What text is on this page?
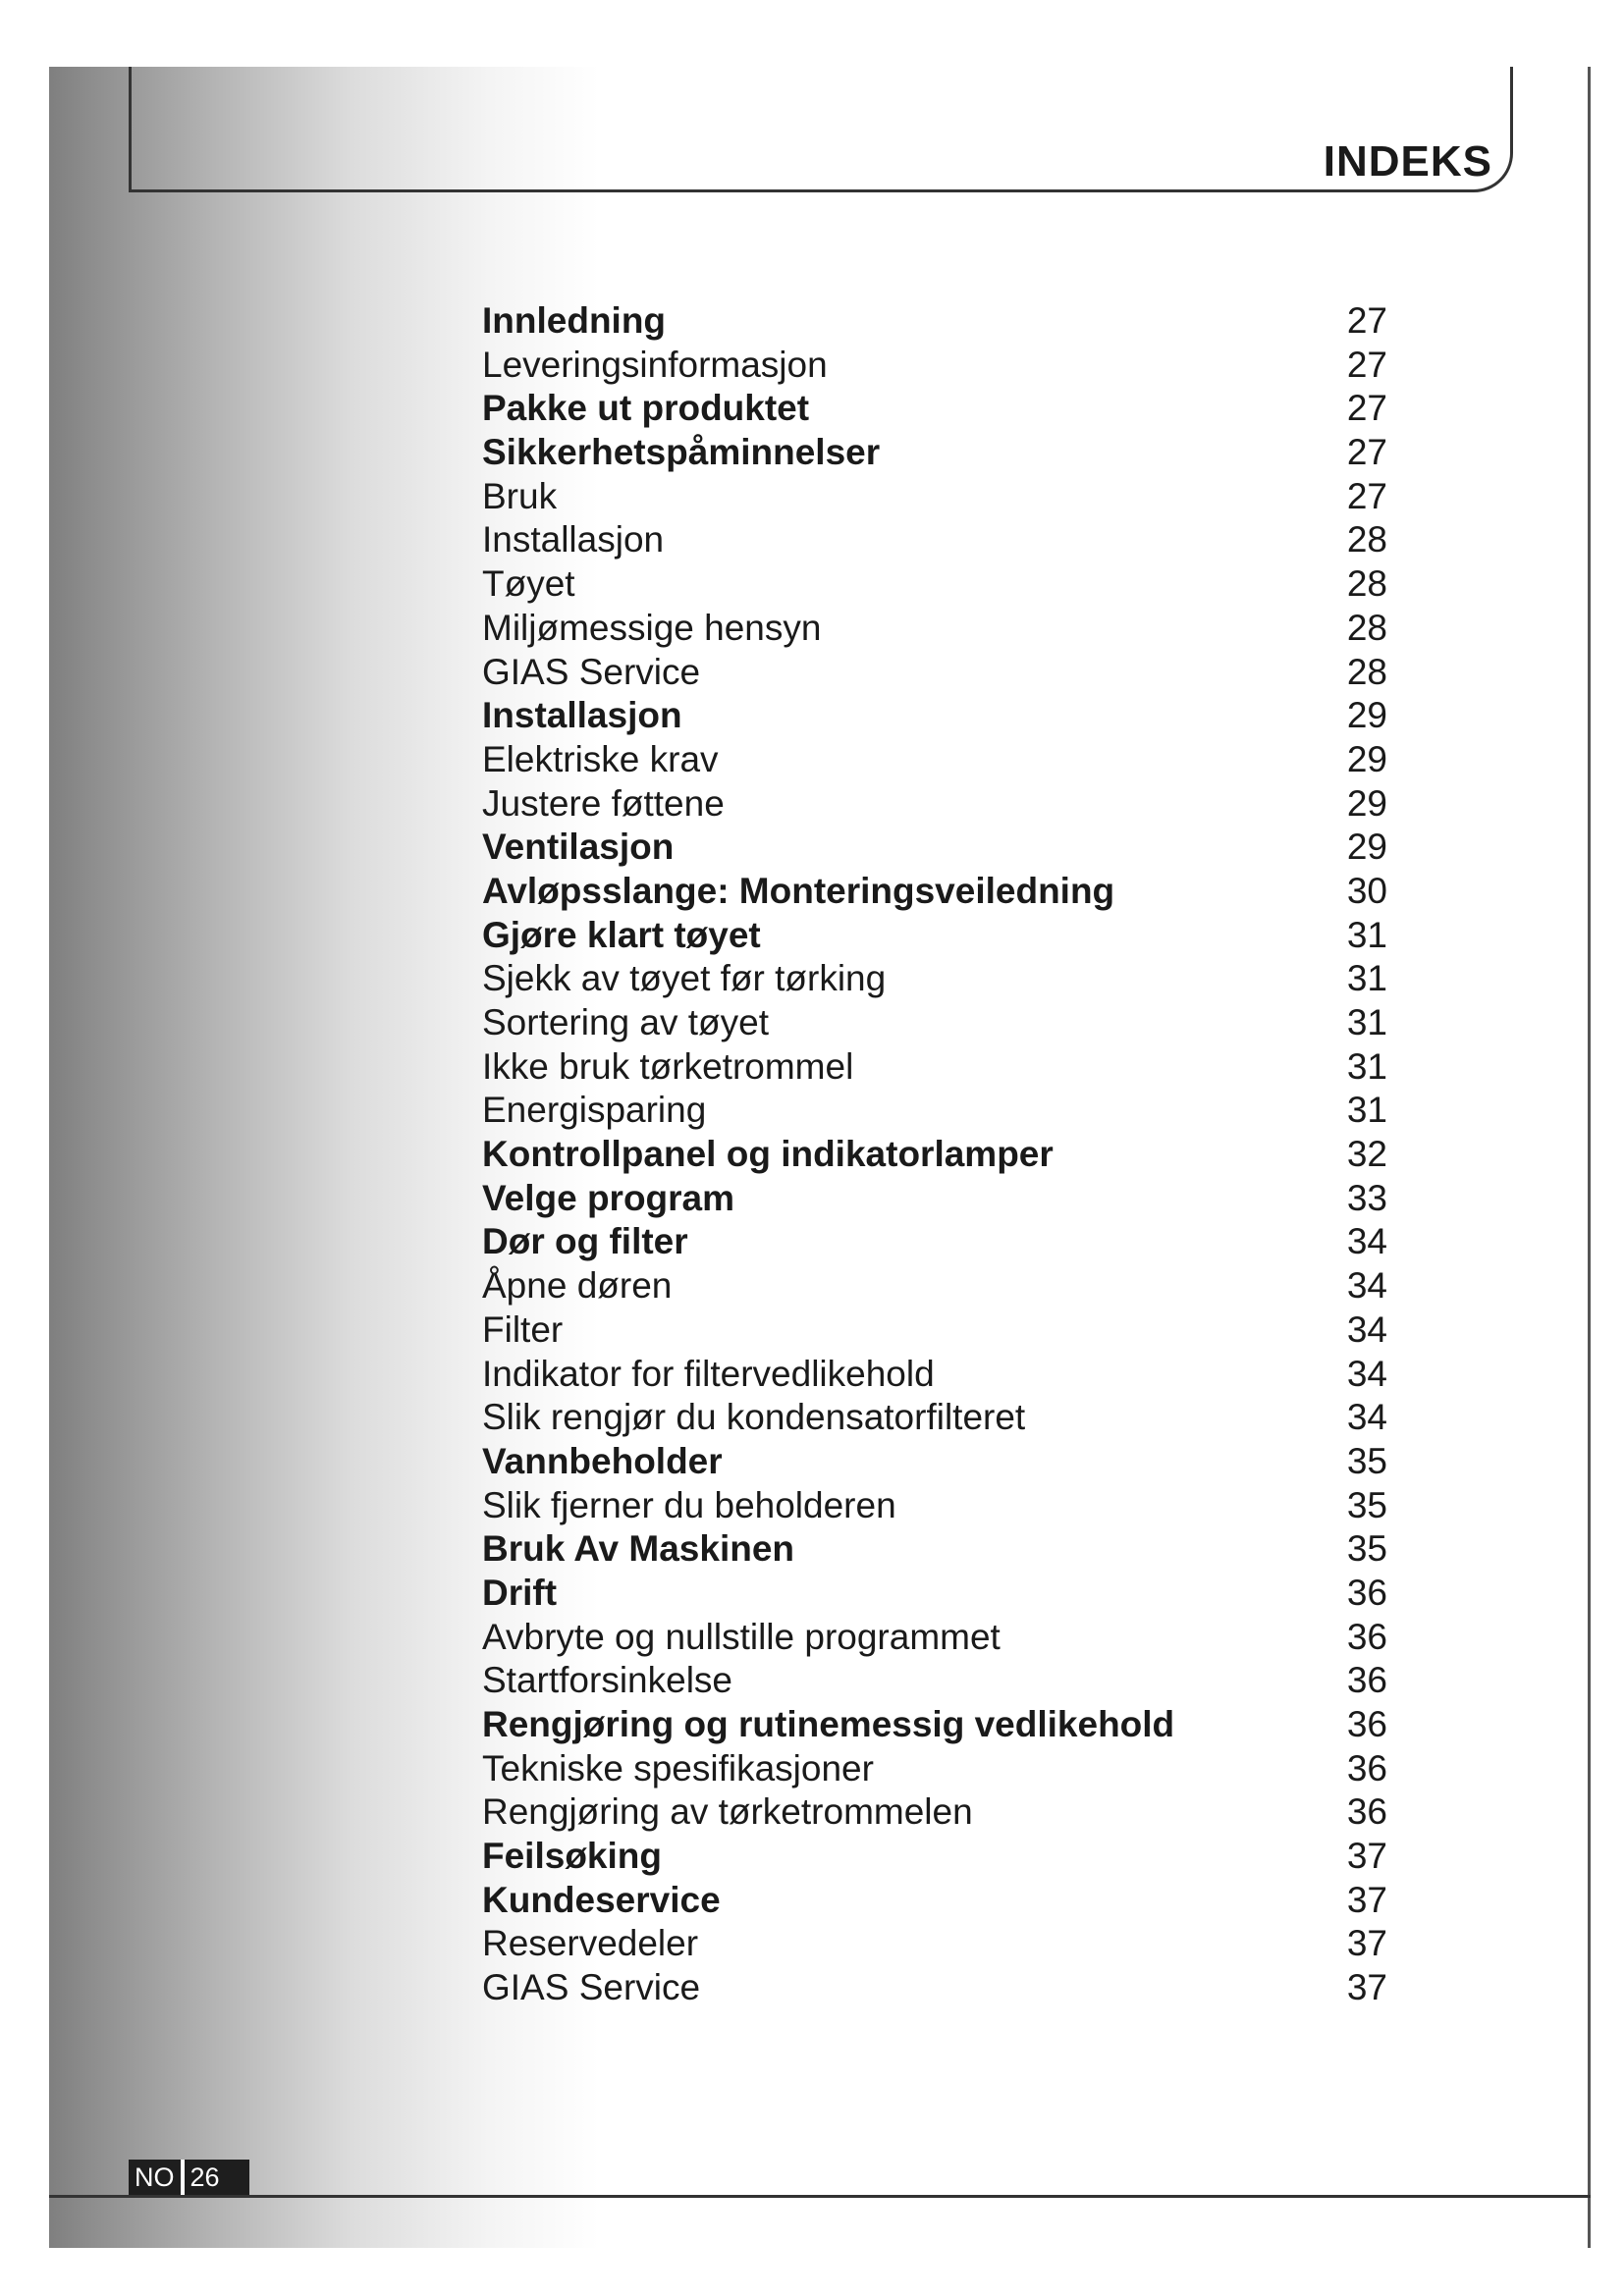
INDEKS
Innledning	27
Leveringsinformasjon	27
Pakke ut produktet	27
Sikkerhetspåminnelser	27
Bruk	27
Installasjon	28
Tøyet	28
Miljømessige hensyn	28
GIAS Service	28
Installasjon	29
Elektriske krav	29
Justere føttene	29
Ventilasjon	29
Avløpsslange: Monteringsveiledning	30
Gjøre klart tøyet	31
Sjekk av tøyet før tørking	31
Sortering av tøyet	31
Ikke bruk tørketrommel	31
Energisparing	31
Kontrollpanel og indikatorlamper	32
Velge program	33
Dør og filter	34
Åpne døren	34
Filter	34
Indikator for filtervedlikehold	34
Slik rengjør du kondensatorfilteret	34
Vannbeholder	35
Slik fjerner du beholderen	35
Bruk Av Maskinen	35
Drift	36
Avbryte og nullstille programmet	36
Startforsinkelse	36
Rengjøring og rutinemessig vedlikehold	36
Tekniske spesifikasjoner	36
Rengjøring av tørketrommelen	36
Feilsøking	37
Kundeservice	37
Reservedeler	37
GIAS Service	37
NO 26
